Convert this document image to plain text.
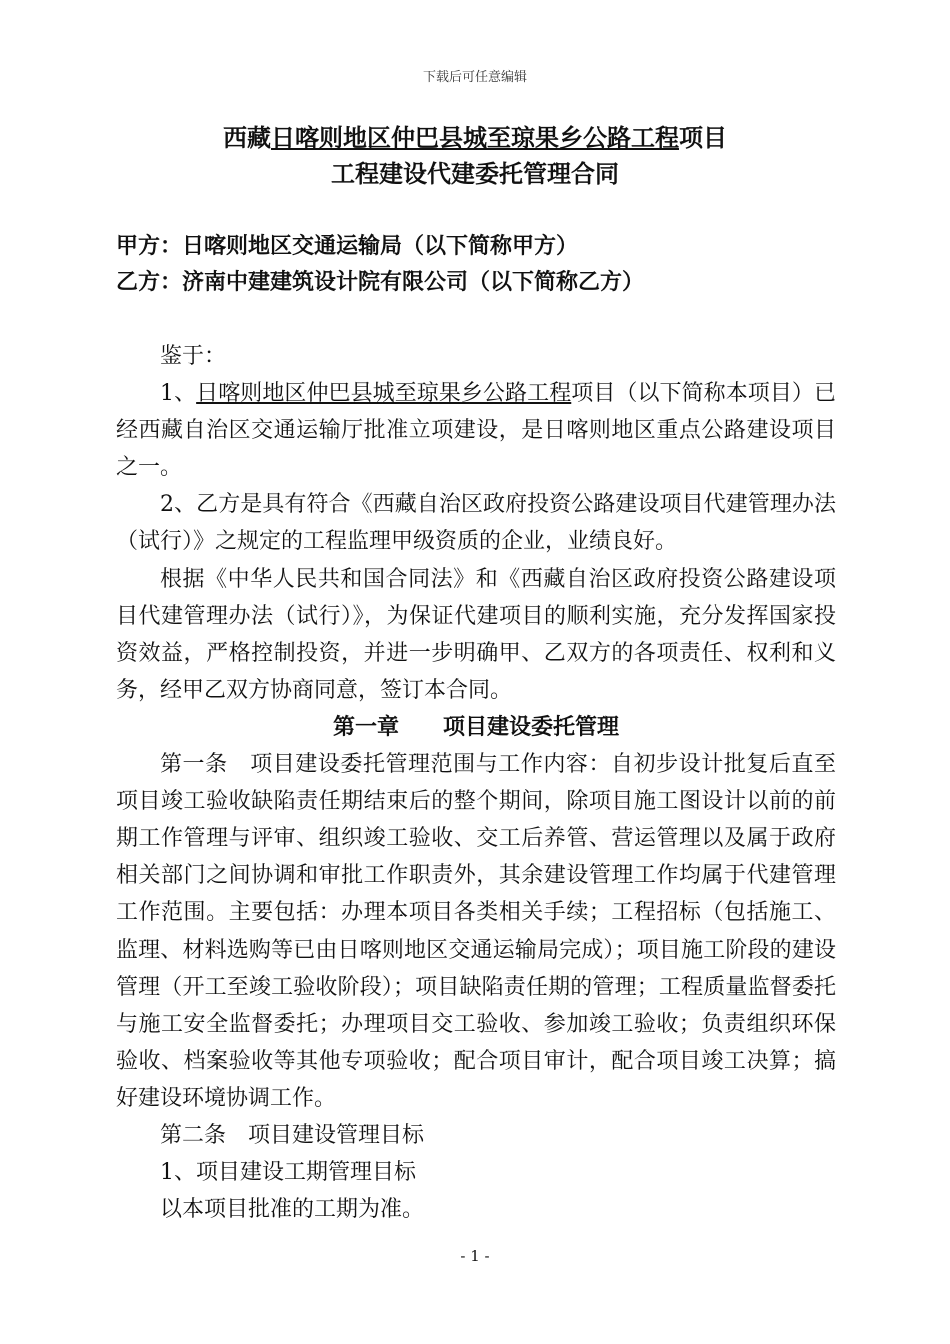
下载后可任意编辑
西藏日喀则地区仲巴县城至琼果乡公路工程项目
工程建设代建委托管理合同
甲方：日喀则地区交通运输局（以下简称甲方）
乙方：济南中建建筑设计院有限公司（以下简称乙方）

鉴于：

1、日喀则地区仲巴县城至琼果乡公路工程项目（以下简称本项目）已经西藏自治区交通运输厅批准立项建设，是日喀则地区重点公路建设项目之一。

2、乙方是具有符合《西藏自治区政府投资公路建设项目代建管理办法（试行）》之规定的工程监理甲级资质的企业，业绩良好。

根据《中华人民共和国合同法》和《西藏自治区政府投资公路建设项目代建管理办法（试行）》，为保证代建项目的顺利实施，充分发挥国家投资效益，严格控制投资，并进一步明确甲、乙双方的各项责任、权利和义务，经甲乙双方协商同意，签订本合同。

第一章 项目建设委托管理

第一条 项目建设委托管理范围与工作内容：自初步设计批复后直至项目竣工验收缺陷责任期结束后的整个期间，除项目施工图设计以前的前期工作管理与评审、组织竣工验收、交工后养管、营运管理以及属于政府相关部门之间协调和审批工作职责外，其余建设管理工作均属于代建管理工作范围。主要包括：办理本项目各类相关手续；工程招标（包括施工、监理、材料选购等已由日喀则地区交通运输局完成）；项目施工阶段的建设管理（开工至竣工验收阶段）；项目缺陷责任期的管理；工程质量监督委托与施工安全监督委托；办理项目交工验收、参加竣工验收；负责组织环保验收、档案验收等其他专项验收；配合项目审计，配合项目竣工决算；搞好建设环境协调工作。

第二条 项目建设管理目标

1、项目建设工期管理目标

以本项目批准的工期为准。

- 1 -
